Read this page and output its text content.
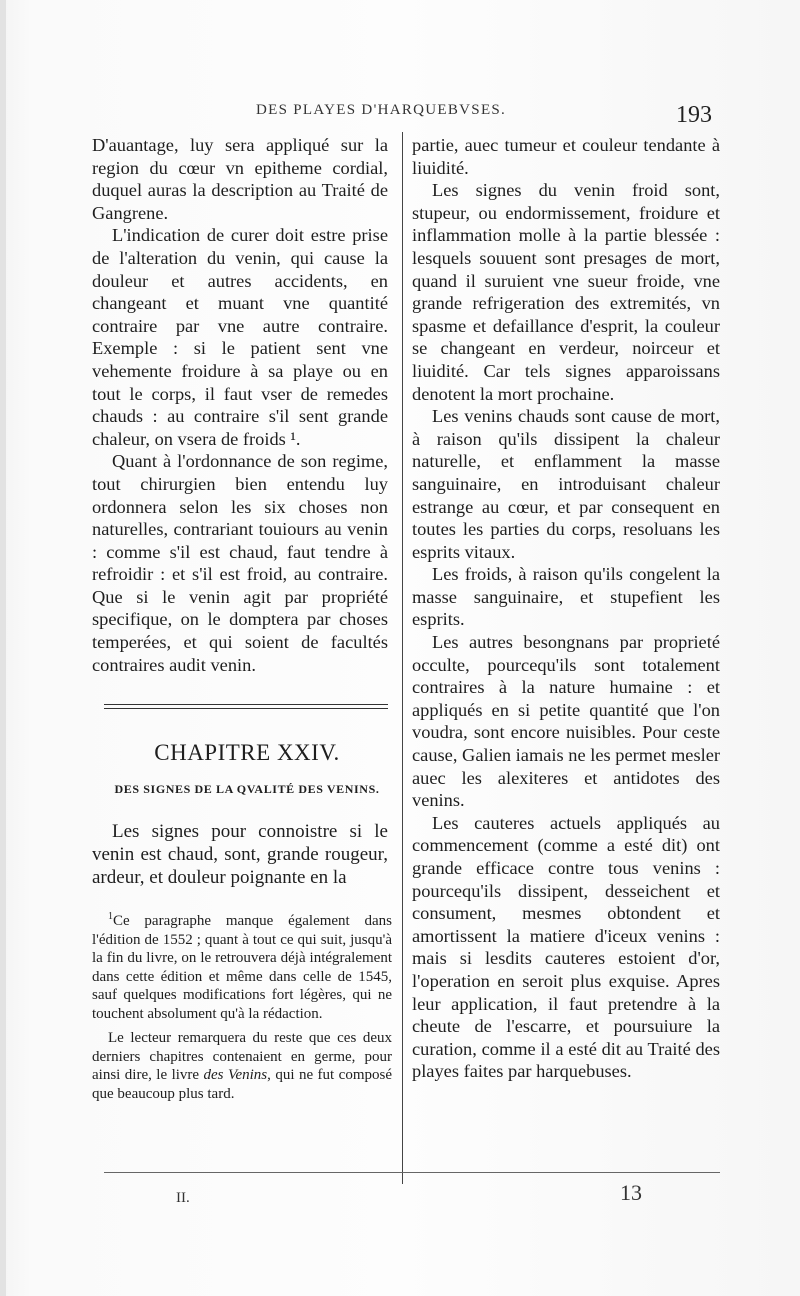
DES PLAYES D'HARQUEBVSES.	193

D'auantage, luy sera appliqué sur la region du cœur vn epitheme cordial, duquel auras la description au Traité de Gangrene.

L'indication de curer doit estre prise de l'alteration du venin, qui cause la douleur et autres accidents, en changeant et muant vne quantité contraire par vne autre contraire. Exemple : si le patient sent vne vehemente froidure à sa playe ou en tout le corps, il faut vser de remedes chauds : au contraire s'il sent grande chaleur, on vsera de froids ¹.

Quant à l'ordonnance de son regime, tout chirurgien bien entendu luy ordonnera selon les six choses non naturelles, contrariant touiours au venin : comme s'il est chaud, faut tendre à refroidir : et s'il est froid, au contraire. Que si le venin agit par propriété specifique, on le domptera par choses temperées, et qui soient de facultés contraires audit venin.

CHAPITRE XXIV.
DES SIGNES DE LA QVALITÉ DES VENINS.

Les signes pour connoistre si le venin est chaud, sont, grande rougeur, ardeur, et douleur poignante en la

$^1$Ce paragraphe manque également dans l'édition de 1552 ; quant à tout ce qui suit, jusqu'à la fin du livre, on le retrouvera déjà intégralement dans cette édition et même dans celle de 1545, sauf quelques modifications fort légères, qui ne touchent absolument qu'à la rédaction.

Le lecteur remarquera du reste que ces deux derniers chapitres contenaient en germe, pour ainsi dire, le livre des Venins, qui ne fut composé que beaucoup plus tard.

partie, auec tumeur et couleur tendante à liuidité.

Les signes du venin froid sont, stupeur, ou endormissement, froidure et inflammation molle à la partie blessée : lesquels souuent sont presages de mort, quand il suruient vne sueur froide, vne grande refrigeration des extremités, vn spasme et defaillance d'esprit, la couleur se changeant en verdeur, noirceur et liuidité. Car tels signes apparoissans denotent la mort prochaine.

Les venins chauds sont cause de mort, à raison qu'ils dissipent la chaleur naturelle, et enflamment la masse sanguinaire, en introduisant chaleur estrange au cœur, et par consequent en toutes les parties du corps, resoluans les esprits vitaux.

Les froids, à raison qu'ils congelent la masse sanguinaire, et stupefient les esprits.

Les autres besongnans par proprieté occulte, pourcequ'ils sont totalement contraires à la nature humaine : et appliqués en si petite quantité que l'on voudra, sont encore nuisibles. Pour ceste cause, Galien iamais ne les permet mesler auec les alexiteres et antidotes des venins.

Les cauteres actuels appliqués au commencement (comme a esté dit) ont grande efficace contre tous venins : pourcequ'ils dissipent, desseichent et consument, mesmes obtondent et amortissent la matiere d'iceux venins : mais si lesdits cauteres estoient d'or, l'operation en seroit plus exquise. Apres leur application, il faut pretendre à la cheute de l'escarre, et poursuiure la curation, comme il a esté dit au Traité des playes faites par harquebuses.

II.	13
